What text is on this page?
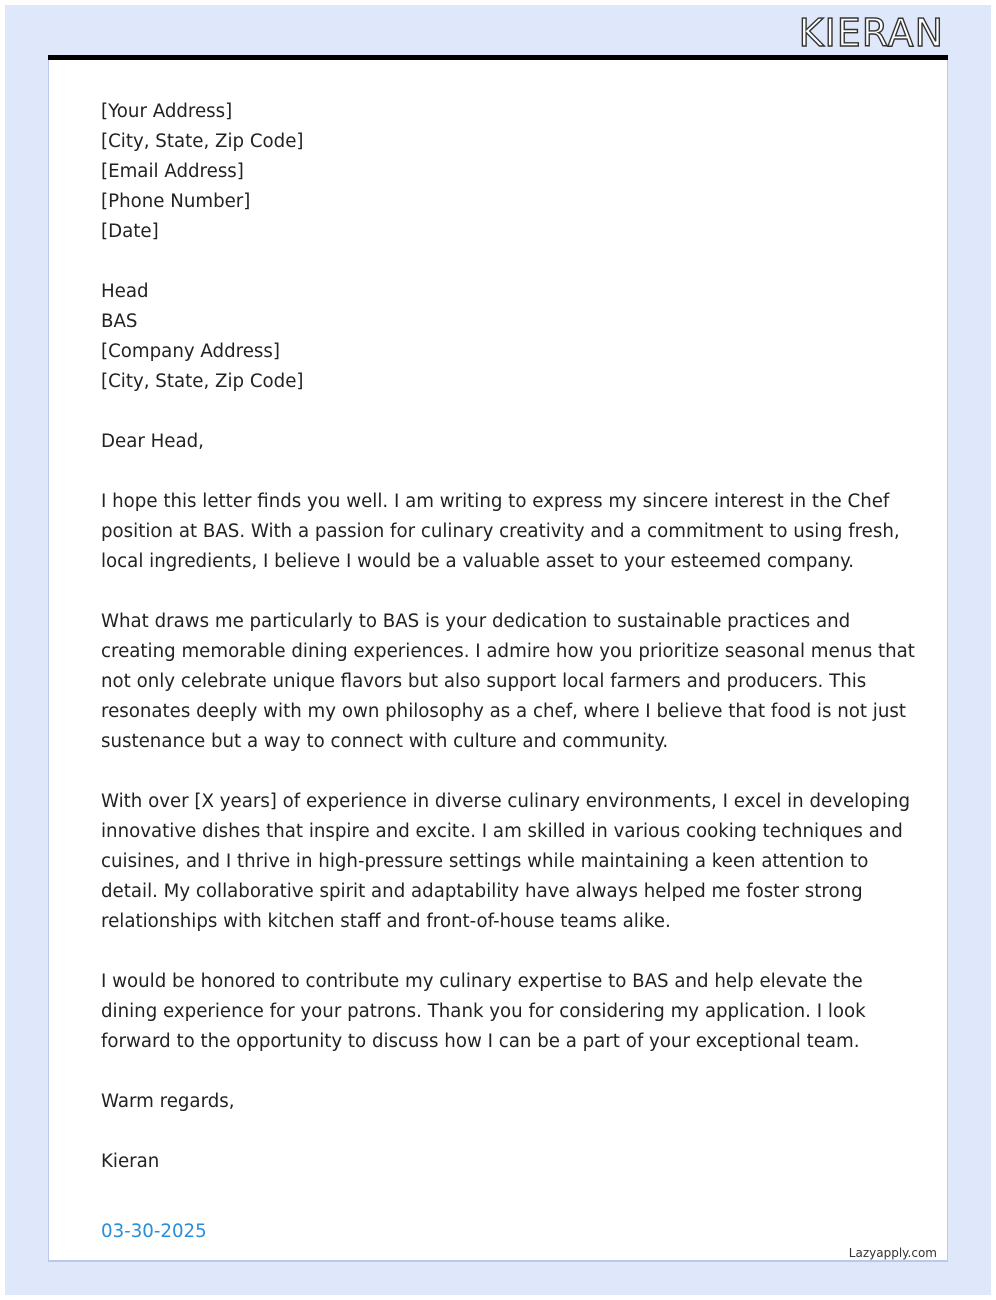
KIERAN
[Your Address]
[City, State, Zip Code]
[Email Address]
[Phone Number]
[Date]
Head
BAS
[Company Address]
[City, State, Zip Code]
Dear Head,

I hope this letter finds you well. I am writing to express my sincere interest in the Chef
position at BAS. With a passion for culinary creativity and a commitment to using fresh,
local ingredients, I believe I would be a valuable asset to your esteemed company.

What draws me particularly to BAS is your dedication to sustainable practices and
creating memorable dining experiences. I admire how you prioritize seasonal menus that
not only celebrate unique flavors but also support local farmers and producers. This
resonates deeply with my own philosophy as a chef, where I believe that food is not just
sustenance but a way to connect with culture and community.

With over [X years] of experience in diverse culinary environments, I excel in developing
innovative dishes that inspire and excite. I am skilled in various cooking techniques and
cuisines, and I thrive in high-pressure settings while maintaining a keen attention to
detail. My collaborative spirit and adaptability have always helped me foster strong
relationships with kitchen staff and front-of-house teams alike.

I would be honored to contribute my culinary expertise to BAS and help elevate the
dining experience for your patrons. Thank you for considering my application. I look
forward to the opportunity to discuss how I can be a part of your exceptional team.

Warm regards,
Kieran
03-30-2025
Lazyapply.com
